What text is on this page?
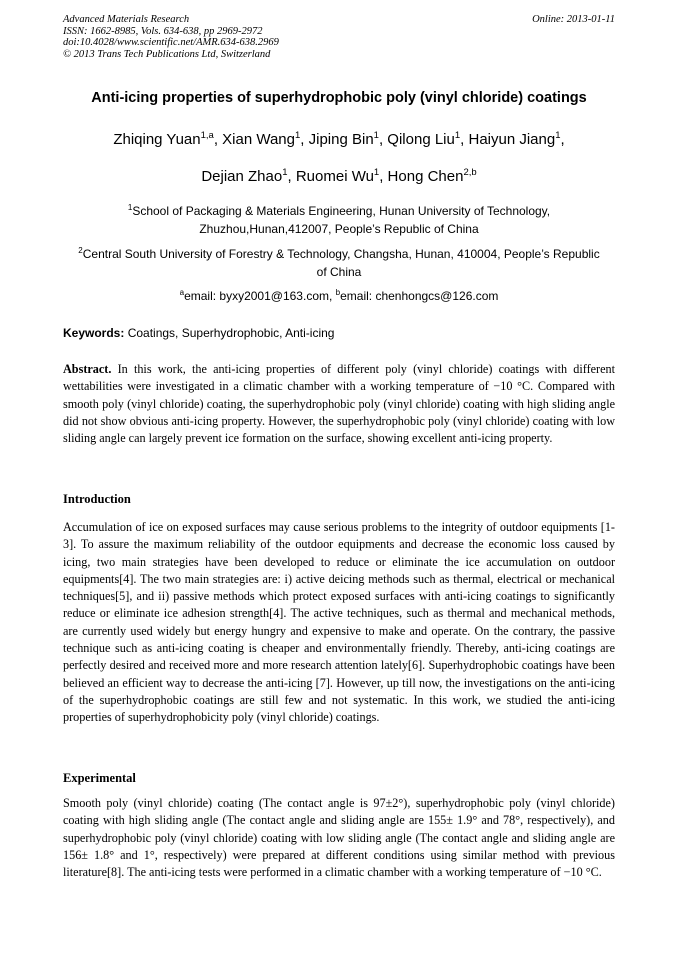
Advanced Materials Research
ISSN: 1662-8985, Vols. 634-638, pp 2969-2972
doi:10.4028/www.scientific.net/AMR.634-638.2969
© 2013 Trans Tech Publications Ltd, Switzerland
Online: 2013-01-11
Anti-icing properties of superhydrophobic poly (vinyl chloride) coatings
Zhiqing Yuan$^{1,a}$, Xian Wang$^1$, Jiping Bin$^1$, Qilong Liu$^1$, Haiyun Jiang$^1$,
Dejian Zhao$^1$, Ruomei Wu$^1$, Hong Chen$^{2,b}$
$^1$School of Packaging & Materials Engineering, Hunan University of Technology,
Zhuzhou,Hunan,412007, People’s Republic of China
$^2$Central South University of Forestry & Technology, Changsha, Hunan, 410004, People’s Republic
of China
$^a$email: byxy2001@163.com, $^b$email: chenhongcs@126.com
Keywords: Coatings, Superhydrophobic, Anti-icing
Abstract. In this work, the anti-icing properties of different poly (vinyl chloride) coatings with different wettabilities were investigated in a climatic chamber with a working temperature of −10 °C. Compared with smooth poly (vinyl chloride) coating, the superhydrophobic poly (vinyl chloride) coating with high sliding angle did not show obvious anti-icing property. However, the superhydrophobic poly (vinyl chloride) coating with low sliding angle can largely prevent ice formation on the surface, showing excellent anti-icing property.
Introduction
Accumulation of ice on exposed surfaces may cause serious problems to the integrity of outdoor equipments [1-3]. To assure the maximum reliability of the outdoor equipments and decrease the economic loss caused by icing, two main strategies have been developed to reduce or eliminate the ice accumulation on outdoor equipments[4]. The two main strategies are: i) active deicing methods such as thermal, electrical or mechanical techniques[5], and ii) passive methods which protect exposed surfaces with anti-icing coatings to significantly reduce or eliminate ice adhesion strength[4]. The active techniques, such as thermal and mechanical methods, are currently used widely but energy hungry and expensive to make and operate. On the contrary, the passive technique such as anti-icing coating is cheaper and environmentally friendly. Thereby, anti-icing coatings are perfectly desired and received more and more research attention lately[6]. Superhydrophobic coatings have been believed an efficient way to decrease the anti-icing [7]. However, up till now, the investigations on the anti-icing of the superhydrophobic coatings are still few and not systematic. In this work, we studied the anti-icing properties of superhydrophobicity poly (vinyl chloride) coatings.
Experimental
Smooth poly (vinyl chloride) coating (The contact angle is 97±2°), superhydrophobic poly (vinyl chloride) coating with high sliding angle (The contact angle and sliding angle are 155± 1.9° and 78°, respectively), and superhydrophobic poly (vinyl chloride) coating with low sliding angle (The contact angle and sliding angle are 156± 1.8° and 1°, respectively) were prepared at different conditions using similar method with previous literature[8]. The anti-icing tests were performed in a climatic chamber with a working temperature of −10 °C.
